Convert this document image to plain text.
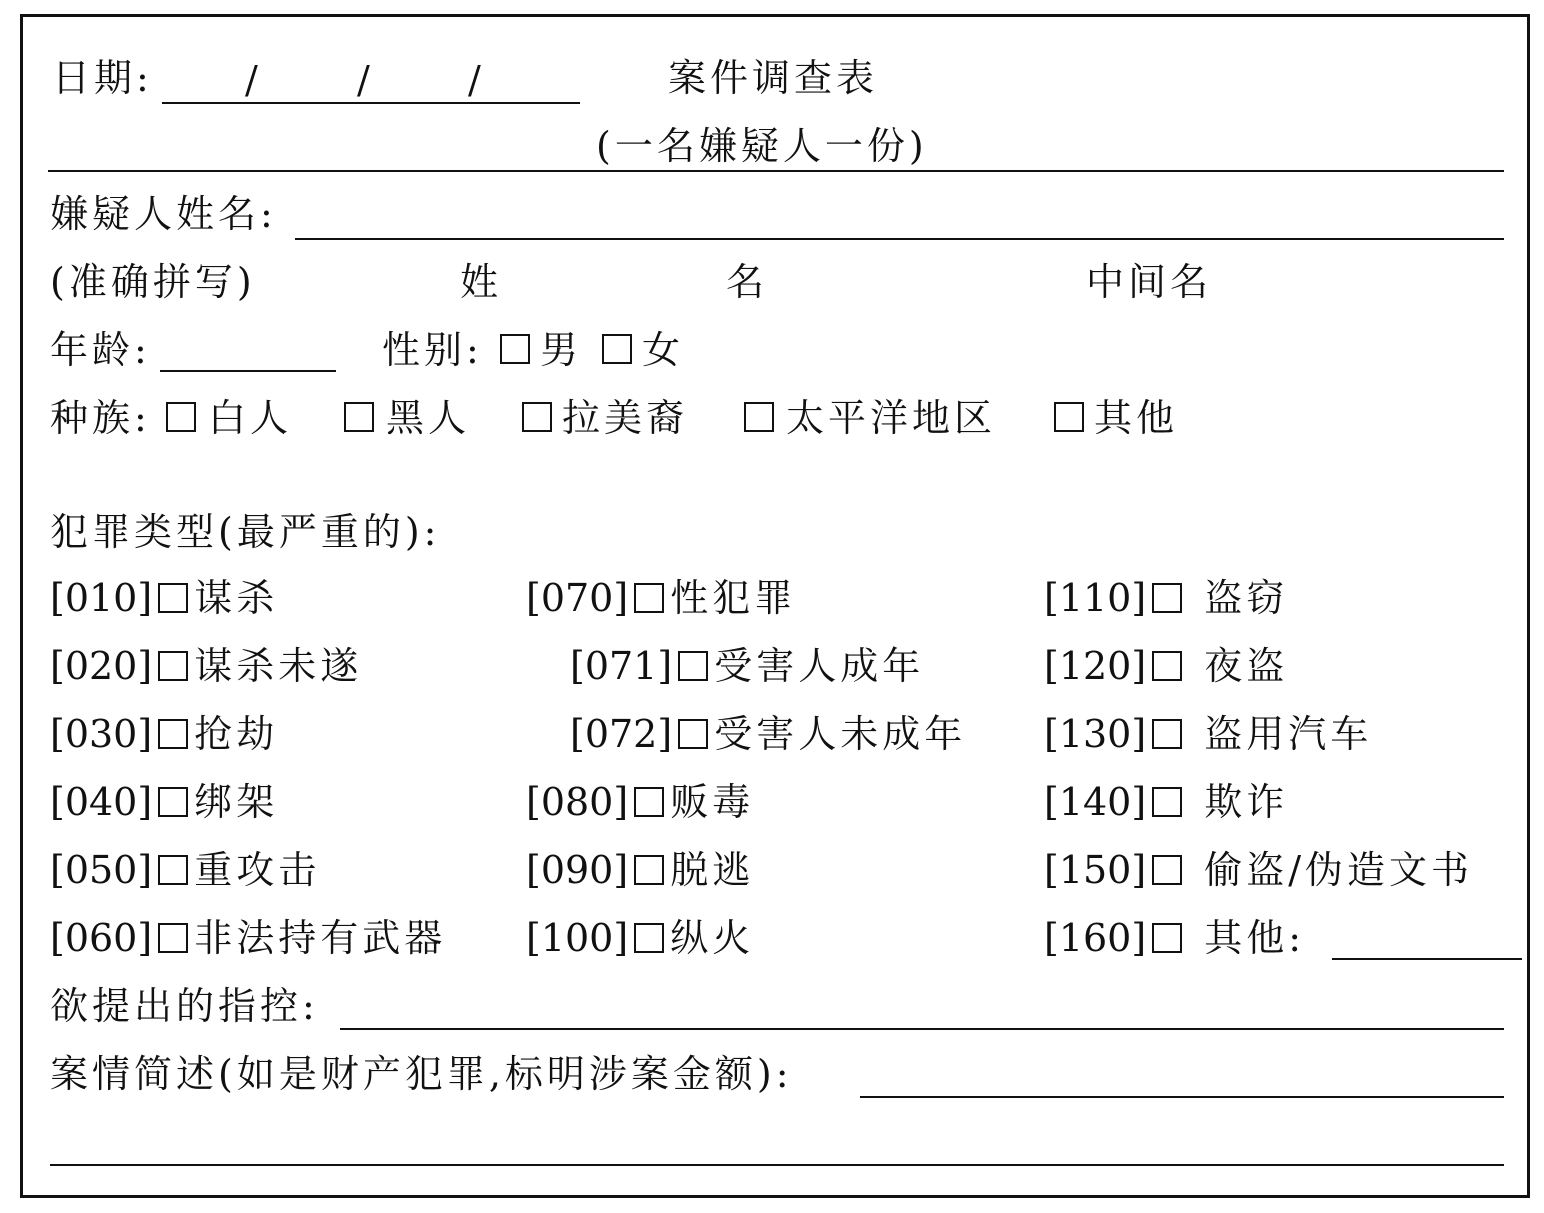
日期: /	/ /	案件调查表
(一名嫌疑人一份)
嫌疑人姓名:
(准确拼写)	姓	名	中间名
年龄:	性别: 男 女
种族: 白人 黑人 拉美裔	太平洋地区	其他
犯罪类型(最严重的):
[010] 谋杀
[020] 谋杀未遂
[030] 抢劫
[040] 绑架
[050] 重攻击
[060] 非法持有武器
[070] 性犯罪
[071] 受害人成年
[072] 受害人未成年
[080] 贩毒
[090] 脱逃
[100] 纵火
[110] 盗窃
[120] 夜盗
[130] 盗用汽车
[140] 欺诈
[150] 偷盗/伪造文书
[160] 其他:
欲提出的指控:
案情简述(如是财产犯罪,标明涉案金额):
